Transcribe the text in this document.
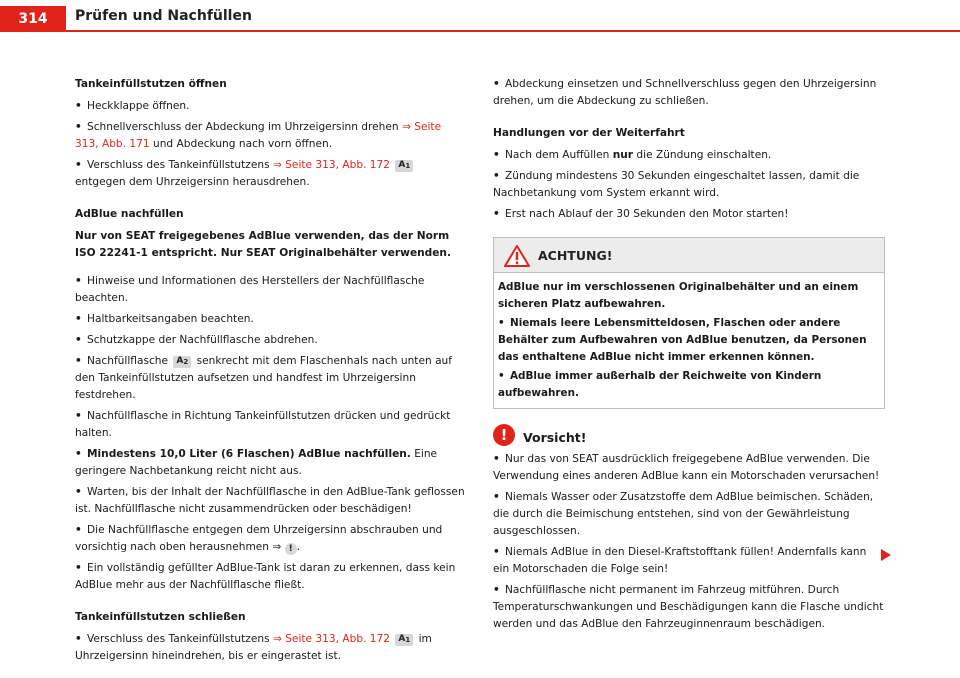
314	Prüfen und Nachfüllen
Tankeinfüllstutzen öffnen
• Heckklappe öffnen.
• Schnellverschluss der Abdeckung im Uhrzeigersinn drehen ⇒ Seite 313, Abb. 171 und Abdeckung nach vorn öffnen.
• Verschluss des Tankeinfüllstutzens ⇒ Seite 313, Abb. 172 $A_1$ entgegen dem Uhrzeigersinn herausdrehen.
AdBlue nachfüllen
Nur von SEAT freigegebenes AdBlue verwenden, das der Norm ISO 22241-1 entspricht. Nur SEAT Originalbehälter verwenden.
• Hinweise und Informationen des Herstellers der Nachfüllflasche beachten.
• Haltbarkeitsangaben beachten.
• Schutzkappe der Nachfüllflasche abdrehen.
• Nachfüllflasche $A_2$ senkrecht mit dem Flaschenhals nach unten auf den Tankeinfüllstutzen aufsetzen und handfest im Uhrzeigersinn festdrehen.
• Nachfüllflasche in Richtung Tankeinfüllstutzen drücken und gedrückt halten.
• Mindestens 10,0 Liter (6 Flaschen) AdBlue nachfüllen. Eine geringere Nachbetankung reicht nicht aus.
• Warten, bis der Inhalt der Nachfüllflasche in den AdBlue-Tank geflossen ist. Nachfüllflasche nicht zusammendrücken oder beschädigen!
• Die Nachfüllflasche entgegen dem Uhrzeigersinn abschrauben und vorsichtig nach oben herausnehmen ⇒ ! .
• Ein vollständig gefüllter AdBlue-Tank ist daran zu erkennen, dass kein AdBlue mehr aus der Nachfüllflasche fließt.
Tankeinfüllstutzen schließen
• Verschluss des Tankeinfüllstutzens ⇒ Seite 313, Abb. 172 $A_1$ im Uhrzeigersinn hineindrehen, bis er eingerastet ist.
• Abdeckung einsetzen und Schnellverschluss gegen den Uhrzeigersinn drehen, um die Abdeckung zu schließen.
Handlungen vor der Weiterfahrt
• Nach dem Auffüllen nur die Zündung einschalten.
• Zündung mindestens 30 Sekunden eingeschaltet lassen, damit die Nachbetankung vom System erkannt wird.
• Erst nach Ablauf der 30 Sekunden den Motor starten!
ACHTUNG!
AdBlue nur im verschlossenen Originalbehälter und an einem sicheren Platz aufbewahren.
• Niemals leere Lebensmitteldosen, Flaschen oder andere Behälter zum Aufbewahren von AdBlue benutzen, da Personen das enthaltene AdBlue nicht immer erkennen können.
• AdBlue immer außerhalb der Reichweite von Kindern aufbewahren.
!	Vorsicht!
• Nur das von SEAT ausdrücklich freigegebene AdBlue verwenden. Die Verwendung eines anderen AdBlue kann ein Motorschaden verursachen!
• Niemals Wasser oder Zusatzstoffe dem AdBlue beimischen. Schäden, die durch die Beimischung entstehen, sind von der Gewährleistung ausgeschlossen.
• Niemals AdBlue in den Diesel-Kraftstofftank füllen! Andernfalls kann ein Motorschaden die Folge sein!
• Nachfüllflasche nicht permanent im Fahrzeug mitführen. Durch Temperaturschwankungen und Beschädigungen kann die Flasche undicht werden und das AdBlue den Fahrzeuginnenraum beschädigen.
